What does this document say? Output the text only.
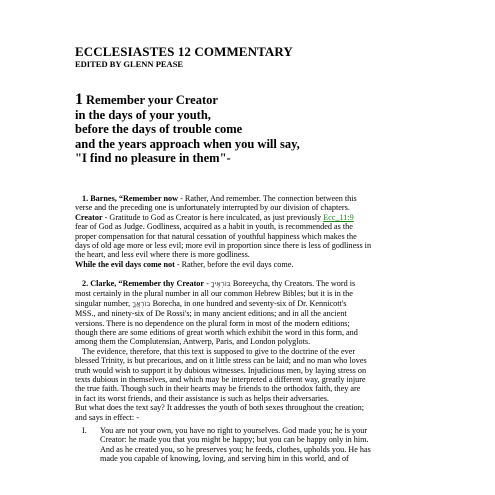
ECCLESIASTES 12 COMMENTARY
EDITED BY GLENN PEASE
1 Remember your Creator
in the days of your youth,
before the days of trouble come
and the years approach when you will say,
"I find no pleasure in them"-
1. Barnes, “Remember now - Rather, And remember. The connection between this
verse and the preceding one is unfortunately interrupted by our division of chapters.
Creator - Gratitude to God as Creator is here inculcated, as just previously Ecc_11:9
fear of God as Judge. Godliness, acquired as a habit in youth, is recommended as the
proper compensation for that natural cessation of youthful happiness which makes the
days of old age more or less evil; more evil in proportion since there is less of godliness in
the heart, and less evil where there is more godliness.
While the evil days come not - Rather, before the evil days come.
2. Clarke, “Remember thy Creator - בּוֹרְאֶיךָ Boreeycha, thy Creators. The word is
most certainly in the plural number in all our common Hebrew Bibles; but it is in the
singular number, בּוֹרְאֲךָ Borecha, in one hundred and seventy-six of Dr. Kennicott's
MSS., and ninety-six of De Rossi's; in many ancient editions; and in all the ancient
versions. There is no dependence on the plural form in most of the modern editions;
though there are some editions of great worth which exhibit the word in this form, and
among them the Complutensian, Antwerp, Paris, and London polyglots.
The evidence, therefore, that this text is supposed to give to the doctrine of the ever
blessed Trinity, is but precarious, and on it little stress can be laid; and no man who loves
truth would wish to support it by dubious witnesses. Injudicious men, by laying stress on
texts dubious in themselves, and which may be interpreted a different way, greatly injure
the true faith. Though such in their hearts may be friends to the orthodox faith, they are
in fact its worst friends, and their assistance is such as helps their adversaries.
But what does the text say? It addresses the youth of both sexes throughout the creation;
and says in effect: -
I. You are not your own, you have no right to yourselves. God made you; he is your
Creator: he made you that you might be happy; but you can be happy only in him.
And as he created you, so he preserves you; he feeds, clothes, upholds you. He has
made you capable of knowing, loving, and serving him in this world, and of
